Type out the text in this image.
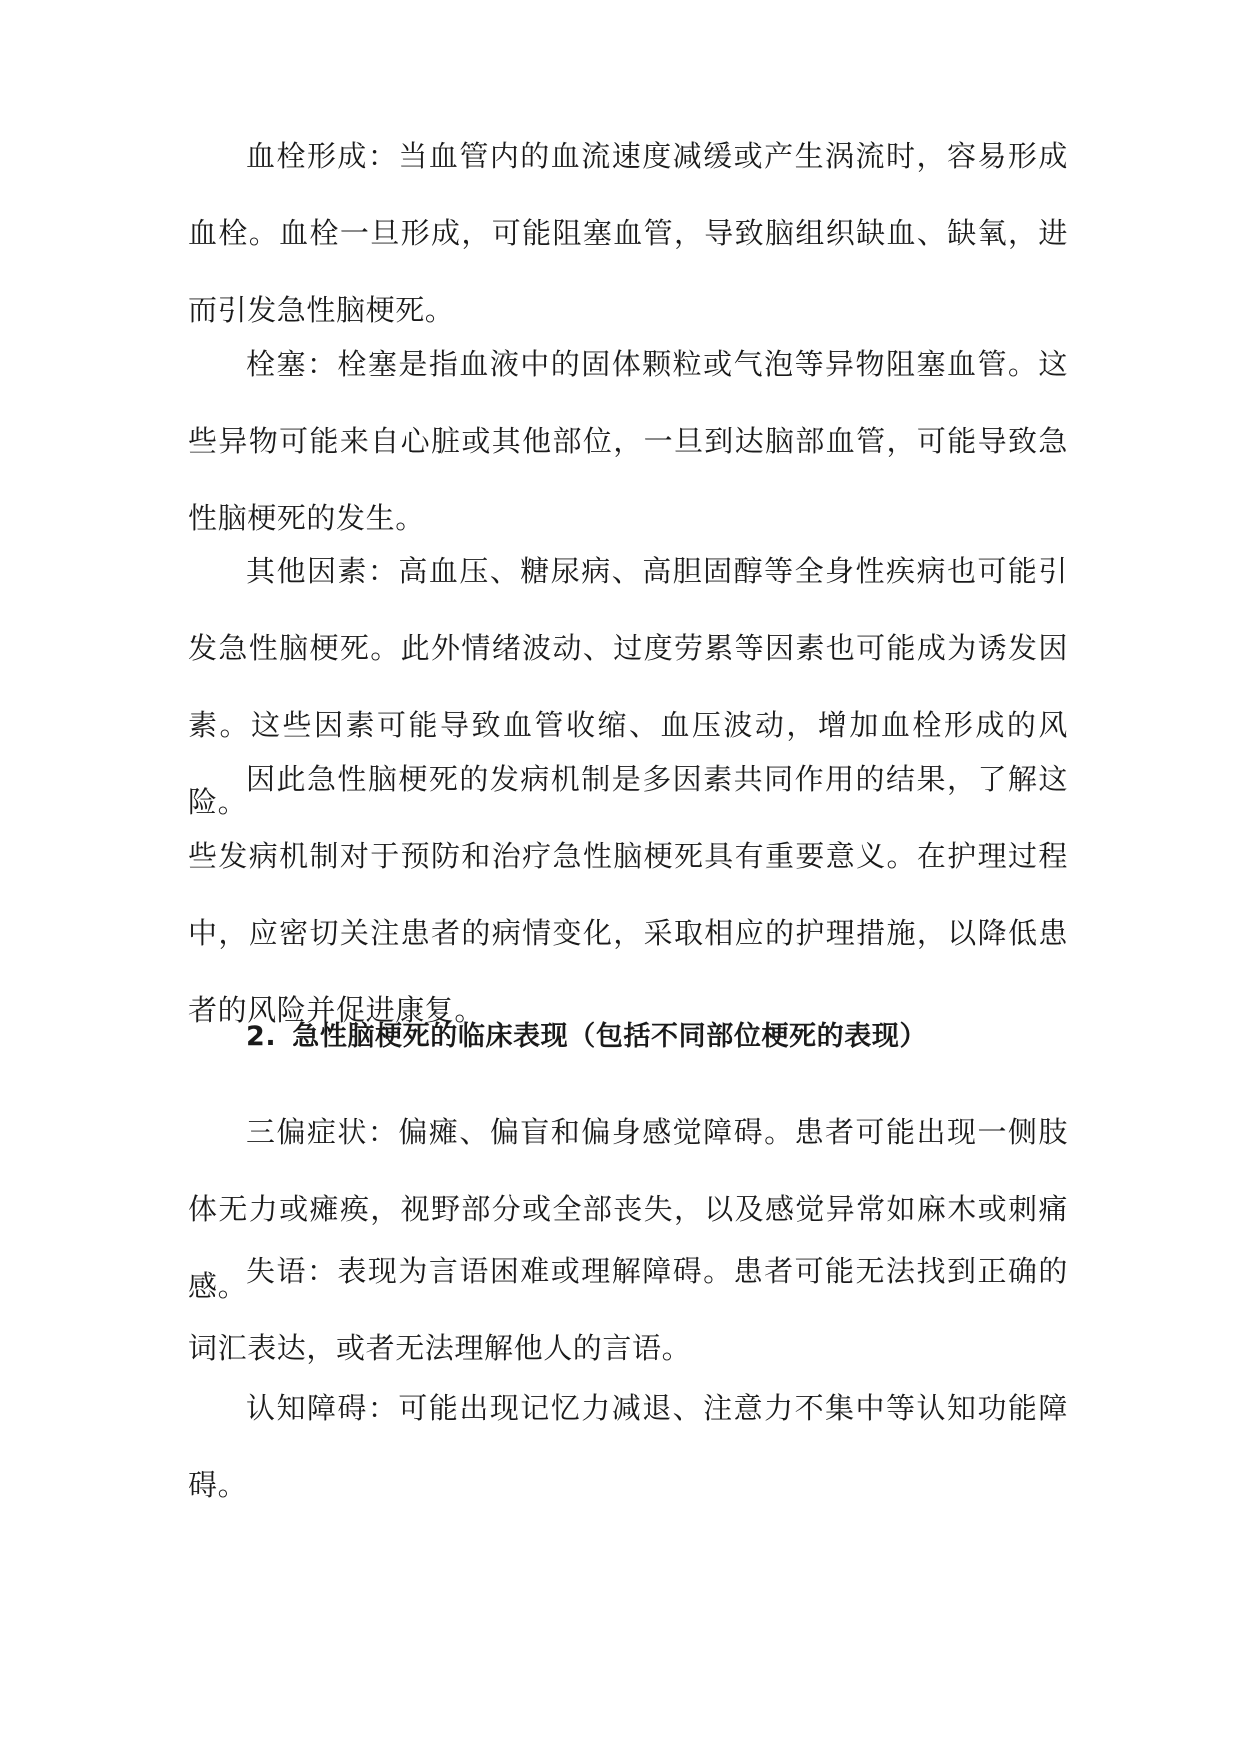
血栓形成：当血管内的血流速度减缓或产生涡流时，容易形成血栓。血栓一旦形成，可能阻塞血管，导致脑组织缺血、缺氧，进而引发急性脑梗死。

栓塞：栓塞是指血液中的固体颗粒或气泡等异物阻塞血管。这些异物可能来自心脏或其他部位，一旦到达脑部血管，可能导致急性脑梗死的发生。

其他因素：高血压、糖尿病、高胆固醇等全身性疾病也可能引发急性脑梗死。此外情绪波动、过度劳累等因素也可能成为诱发因素。这些因素可能导致血管收缩、血压波动，增加血栓形成的风险。

因此急性脑梗死的发病机制是多因素共同作用的结果，了解这些发病机制对于预防和治疗急性脑梗死具有重要意义。在护理过程中，应密切关注患者的病情变化，采取相应的护理措施，以降低患者的风险并促进康复。

2. 急性脑梗死的临床表现（包括不同部位梗死的表现）

三偏症状：偏瘫、偏盲和偏身感觉障碍。患者可能出现一侧肢体无力或瘫痪，视野部分或全部丧失，以及感觉异常如麻木或刺痛感。

失语：表现为言语困难或理解障碍。患者可能无法找到正确的词汇表达，或者无法理解他人的言语。

认知障碍：可能出现记忆力减退、注意力不集中等认知功能障碍。
